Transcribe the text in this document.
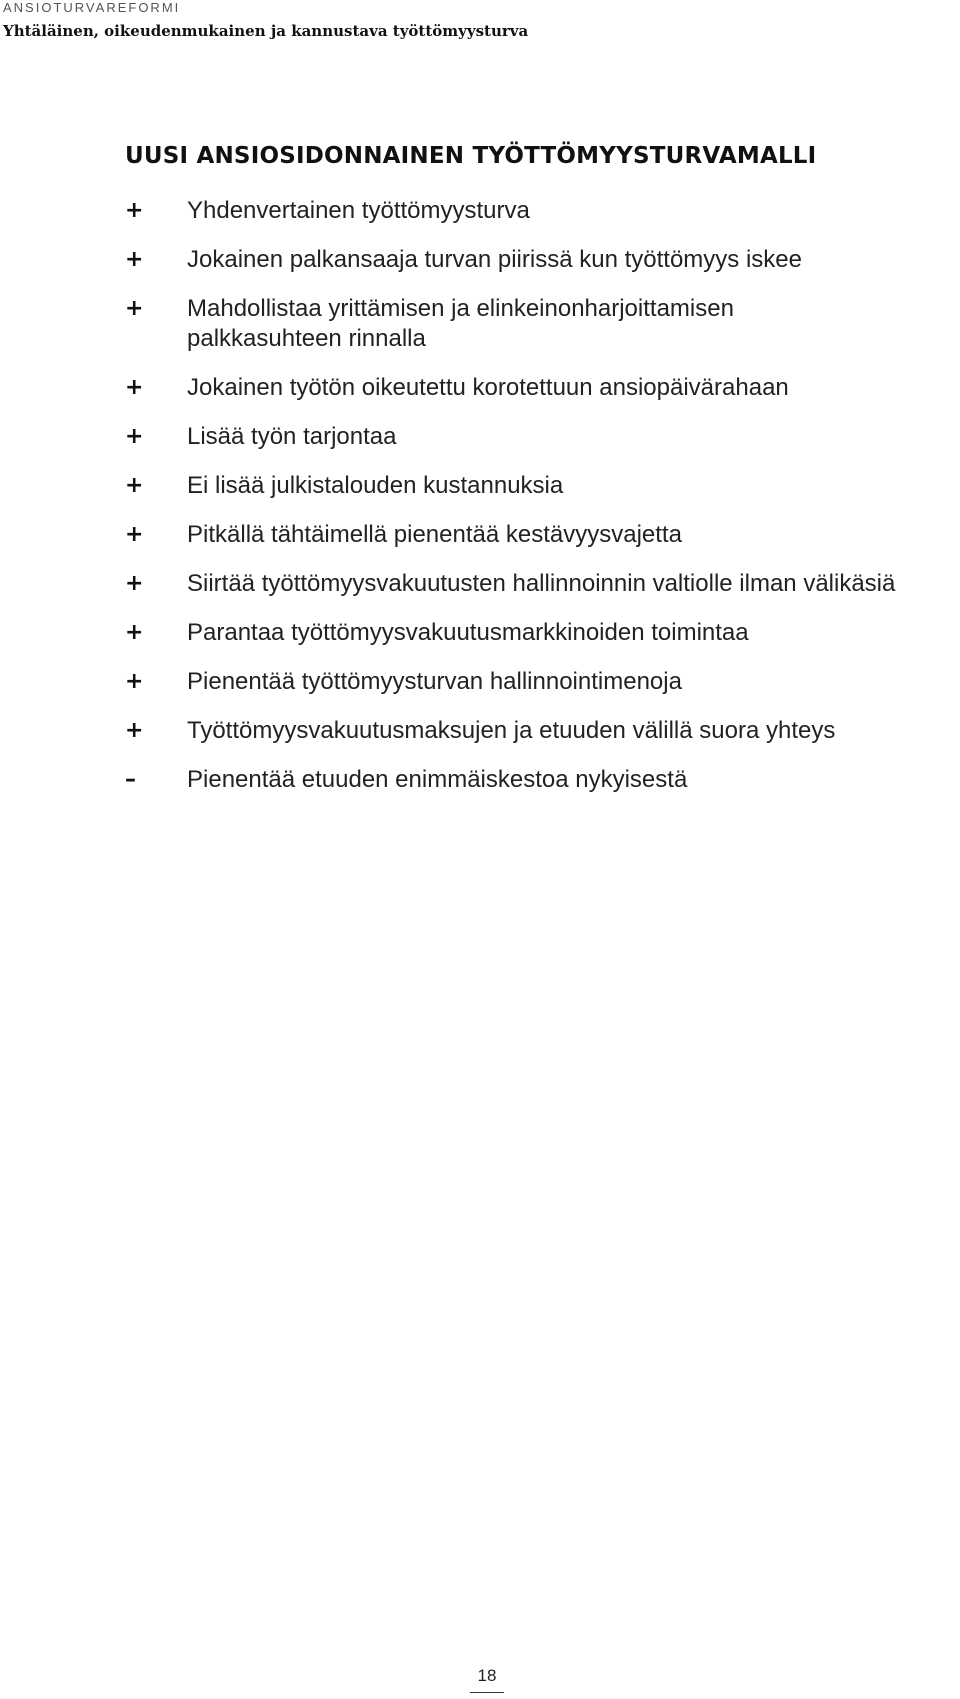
ANSIOTURVAREFORMI
Yhtäläinen, oikeudenmukainen ja kannustava työttömyysturva
UUSI ANSIOSIDONNAINEN TYÖTTÖMYYSTURVAMALLI
+	Yhdenvertainen työttömyysturva
+	Jokainen palkansaaja turvan piirissä kun työttömyys iskee
+	Mahdollistaa yrittämisen ja elinkeinonharjoittamisen palkkasuhteen rinnalla
+	Jokainen työtön oikeutettu korotettuun ansiopäivärahaan
+	Lisää työn tarjontaa
+	Ei lisää julkistalouden kustannuksia
+	Pitkällä tähtäimellä pienentää kestävyysvajetta
+	Siirtää työttömyysvakuutusten hallinnoinnin valtiolle ilman välikäsiä
+	Parantaa työttömyysvakuutusmarkkinoiden toimintaa
+	Pienentää työttömyysturvan hallinnointimenoja
+	Työttömyysvakuutusmaksujen ja etuuden välillä suora yhteys
–	Pienentää etuuden enimmäiskestoa nykyisestä
18
